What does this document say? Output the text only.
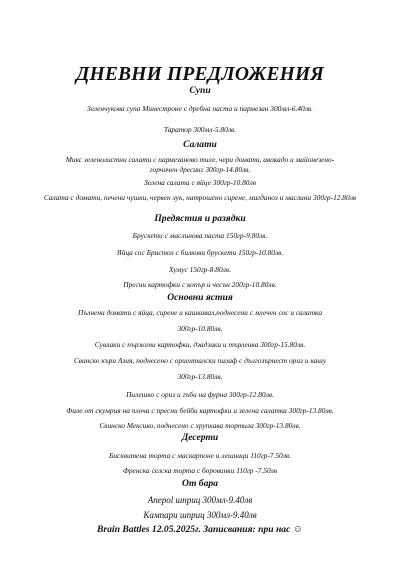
ДНЕВНИ ПРЕДЛОЖЕНИЯ
Супи
Зеленчукова супа Минестроне с дребна паста и пармезан 300мл-6.40лв.
Таратор 300мл-5.80лв.
Салати
Микс зеленолистни салати с пармезаново тиле, чери домати, авокадо и майонезено-горчичен дресинг 300гр-14.80лв.
Зелена салата с яйце 300гр-10.80лв
Салата с домати, печени чушки, червен лук, натрошено сирене, магданоз и маслини 300гр-12.80лв
Предястия и разядки
Брускети с маслинова паста 150гр-9.80лв.
Яйца сос Бристол с билкови брускети 150гр-10.80лв.
Хумус 150гр-8.80лв.
Пресни картофки с копър и чесън 200гр-10.80лв.
Основни ястия
Пълнени домати с яйца, сирене и кашкавал,поднесени с млечен сос и салатка
300гр-10.80лв.
Сувлаки с пържени картофки, дзадзики и търленка 300гр-15.80лв.
Свинско къри Азия, поднесено с ориенталски пилаф с дългозърнест ориз и кашу
300гр-13.80лв.
Пилешко с ориз и гъби на фурна 300гр-12.80лв.
Филе от скумрия на плоча с пресни бейби картофки и зелена салатка 300гр-13.80лв.
Свинско Мексико, поднесено с хрупкава тортила 300гр-13.80лв.
Десерти
Бисквитена торта с маскарпоне и лешници 110гр-7.50лв.
Френска селска торта с боровинки 110гр -7.50лв
От бара
Апероl шприц 300мл-9.40лв
Кампари шприц 300мл-9.40лв
Brain Battles 12.05.2025г. Записвания: при нас ☺
